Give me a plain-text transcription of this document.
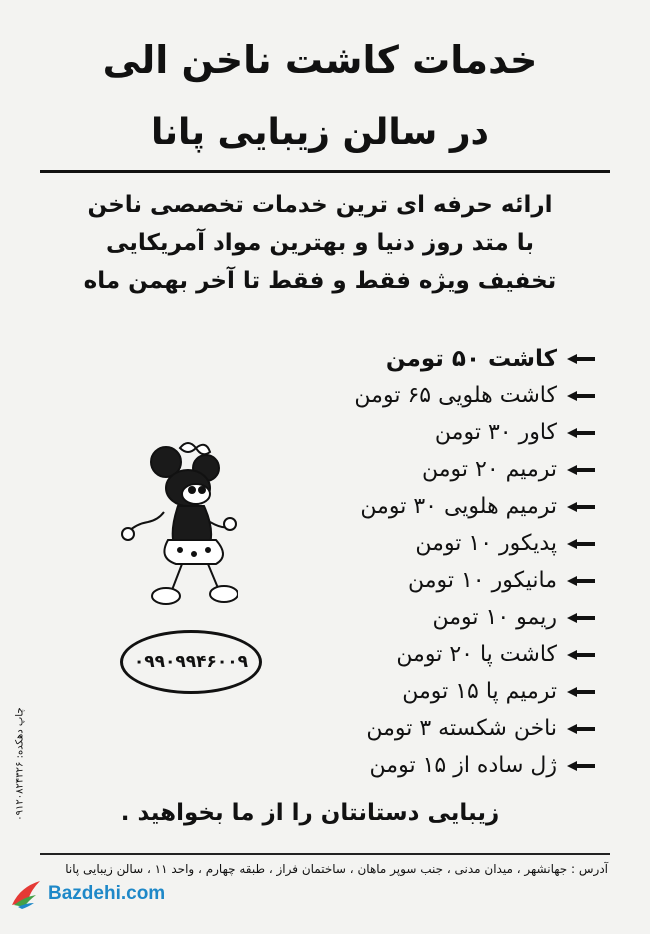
خدمات کاشت ناخن الی
در سالن زیبایی پانا
ارائه حرفه ای ترین خدمات تخصصی ناخن
با متد روز دنیا و بهترین مواد آمریکایی
تخفیف ویژه فقط و فقط تا آخر بهمن ماه
کاشت ۵۰ تومن
کاشت هلویی ۶۵ تومن
کاور ۳۰ تومن
ترمیم ۲۰ تومن
ترمیم هلویی ۳۰ تومن
پدیکور ۱۰ تومن
مانیکور ۱۰ تومن
ریمو ۱۰ تومن
کاشت پا ۲۰ تومن
ترمیم پا ۱۵ تومن
ناخن شکسته ۳ تومن
ژل ساده از ۱۵ تومن
۰۹۹۰۹۹۴۶۰۰۹
چاپ دهکده: ۰۹۱۲۰۸۲۴۳۲۶
زیبایی دستانتان را از ما بخواهید .
آدرس : جهانشهر ، میدان مدنی ، جنب سوپر ماهان ، ساختمان فراز ، طبقه چهارم ، واحد ۱۱ ، سالن زیبایی پانا
Bazdehi.com
